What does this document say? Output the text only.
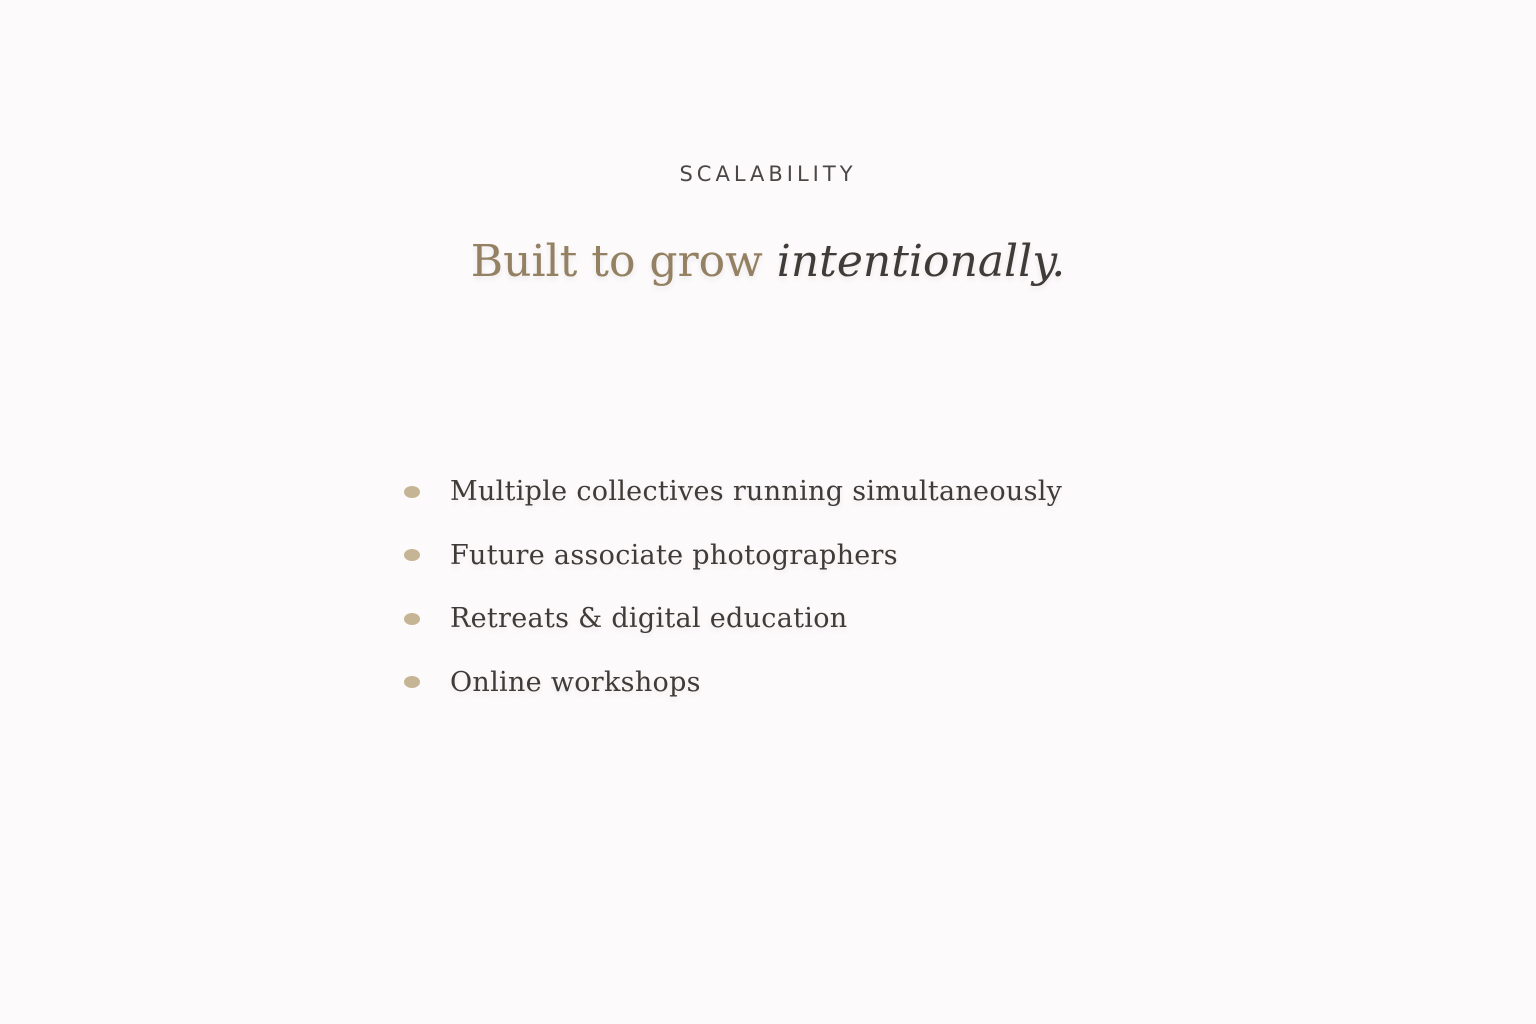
SCALABILITY
Built to grow intentionally.
Multiple collectives running simultaneously
Future associate photographers
Retreats & digital education
Online workshops
